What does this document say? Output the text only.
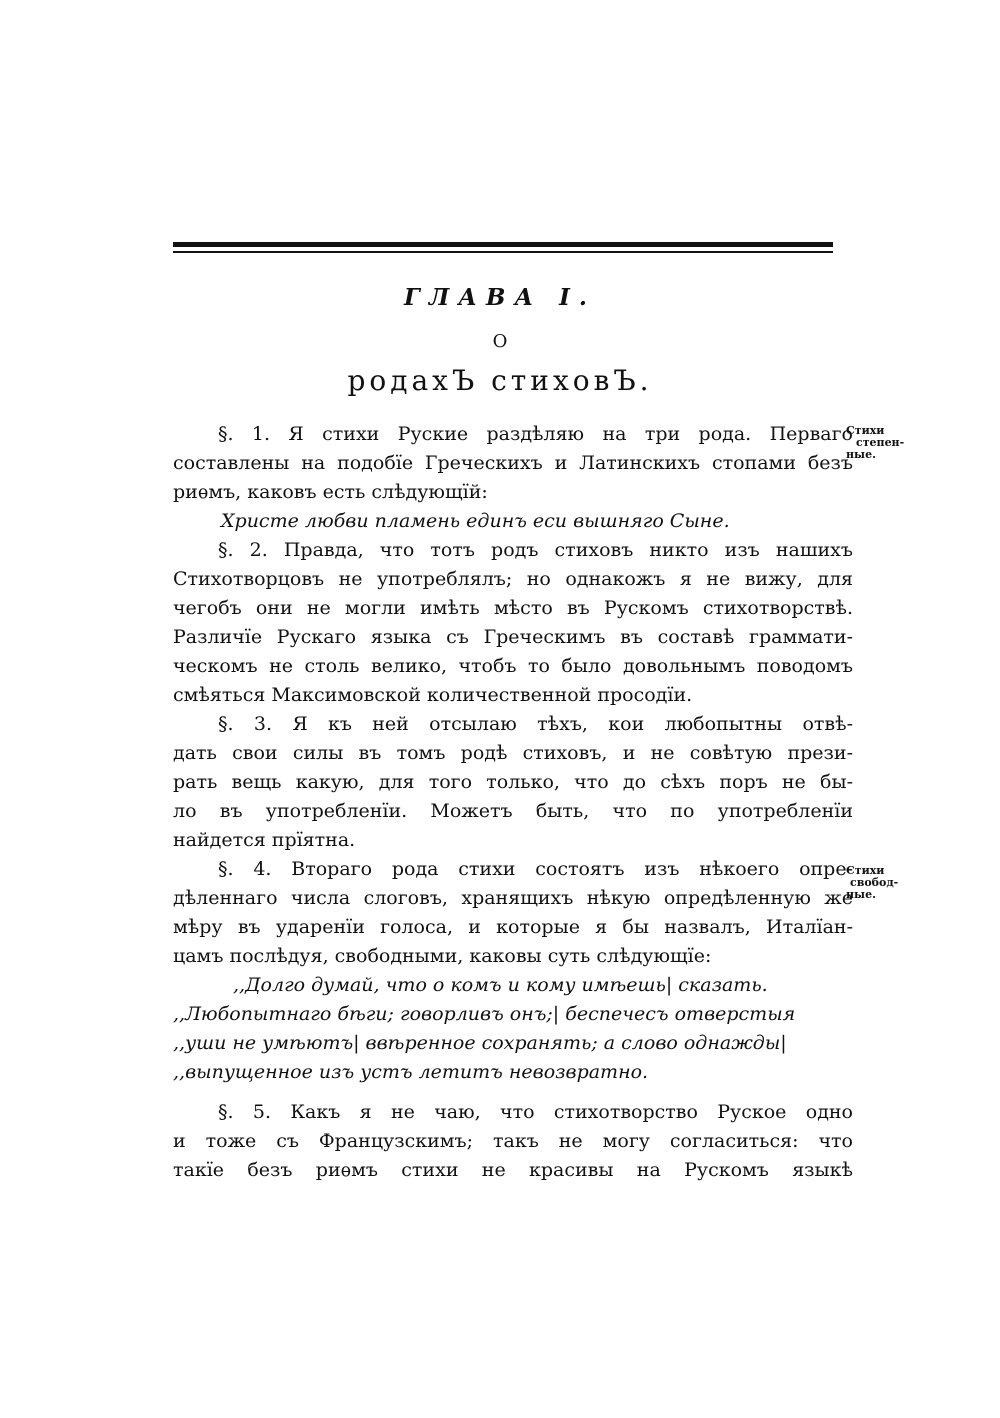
ГЛАВА I.
О
родахЪ стиховЪ.
Стихи
степен-
ные.
Стихи
свобод-
ные.
§. 1. Я стихи Руские раздѣляю на три рода. Перваго
составлены на подобїе Греческихъ и Латинскихъ стопами безъ
риѳмъ, каковъ есть слѣдующїй:
Христе любви пламень единъ еси вышняго Сыне.
§. 2. Правда, что тотъ родъ стиховъ никто изъ нашихъ
Стихотворцовъ не употреблялъ; но однакожъ я не вижу, для
чегобъ они не могли имѣть мѣсто въ Рускомъ стихотворствѣ.
Различїе Рускаго языка съ Греческимъ въ составѣ граммати-
ческомъ не столь велико, чтобъ то было довольнымъ поводомъ
смѣяться Максимовской количественной просодїи.
§. 3. Я къ ней отсылаю тѣхъ, кои любопытны отвѣ-
дать свои силы въ томъ родѣ стиховъ, и не совѣтую прези-
рать вещь какую, для того только, что до сѣхъ поръ не бы-
ло въ употребленїи. Можетъ быть, что по употребленїи
найдется прїятна.
§. 4. Втораго рода стихи состоятъ изъ нѣкоего опре-
дѣленнаго числа слоговъ, хранящихъ нѣкую опредѣленную же
мѣру въ ударенїи голоса, и которые я бы назвалъ, Италїан-
цамъ послѣдуя, свободными, каковы суть слѣдующїе:
,,Долго думай, что о комъ и кому имѣешь| сказать.
,,Любопытнаго бѣги; говорливъ онъ;| беспечесъ отверстыя
,,уши не умѣютъ| ввѣренное сохранять; а слово однажды|
,,выпущенное изъ устъ летитъ невозвратно.
§. 5. Какъ я не чаю, что стихотворство Руское одно
и тоже съ Французскимъ; такъ не могу согласиться: что
такїе безъ риѳмъ стихи не красивы на Рускомъ языкѣ
